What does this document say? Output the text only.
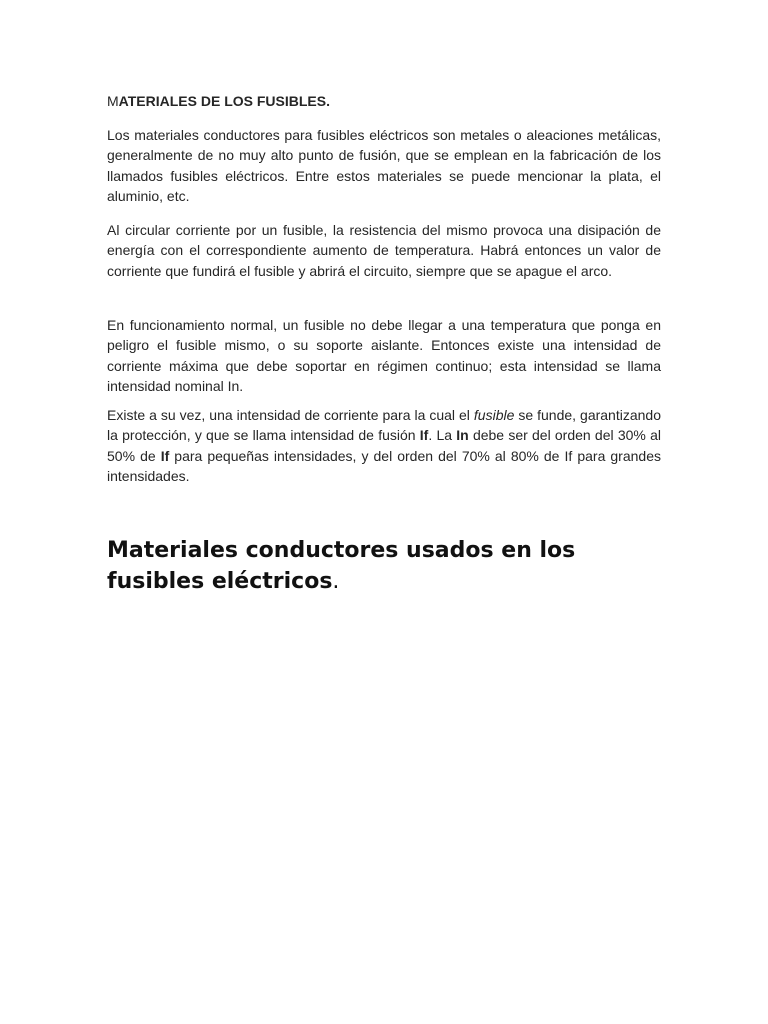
MATERIALES DE LOS FUSIBLES.

Los materiales conductores para fusibles eléctricos son metales o aleaciones metálicas, generalmente de no muy alto punto de fusión, que se emplean en la fabricación de los llamados fusibles eléctricos. Entre estos materiales se puede mencionar la plata, el aluminio, etc.

Al circular corriente por un fusible, la resistencia del mismo provoca una disipación de energía con el correspondiente aumento de temperatura. Habrá entonces un valor de corriente que fundirá el fusible y abrirá el circuito, siempre que se apague el arco.

En funcionamiento normal, un fusible no debe llegar a una temperatura que ponga en peligro el fusible mismo, o su soporte aislante. Entonces existe una intensidad de corriente máxima que debe soportar en régimen continuo; esta intensidad se llama intensidad nominal In.

Existe a su vez, una intensidad de corriente para la cual el fusible se funde, garantizando la protección, y que se llama intensidad de fusión If. La In debe ser del orden del 30% al 50% de If para pequeñas intensidades, y del orden del 70% al 80% de If para grandes intensidades.

Materiales conductores usados en los fusibles eléctricos.
